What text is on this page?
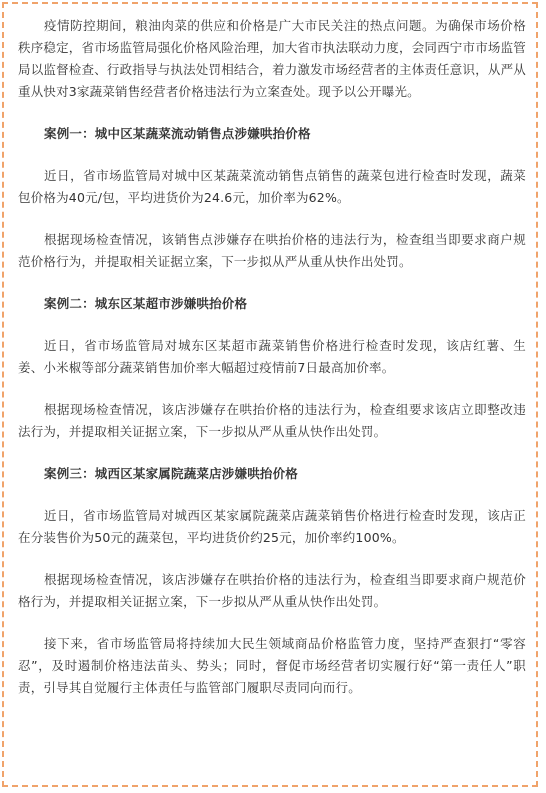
疫情防控期间，粮油肉菜的供应和价格是广大市民关注的热点问题。为确保市场价格秩序稳定，省市场监管局强化价格风险治理，加大省市执法联动力度，会同西宁市市场监管局以监督检查、行政指导与执法处罚相结合，着力激发市场经营者的主体责任意识，从严从重从快对3家蔬菜销售经营者价格违法行为立案查处。现予以公开曝光。

案例一：城中区某蔬菜流动销售点涉嫌哄抬价格

近日，省市场监管局对城中区某蔬菜流动销售点销售的蔬菜包进行检查时发现，蔬菜包价格为40元/包，平均进货价为24.6元，加价率为62%。

根据现场检查情况，该销售点涉嫌存在哄抬价格的违法行为，检查组当即要求商户规范价格行为，并提取相关证据立案，下一步拟从严从重从快作出处罚。

案例二：城东区某超市涉嫌哄抬价格

近日，省市场监管局对城东区某超市蔬菜销售价格进行检查时发现，该店红薯、生姜、小米椒等部分蔬菜销售加价率大幅超过疫情前7日最高加价率。

根据现场检查情况，该店涉嫌存在哄抬价格的违法行为，检查组要求该店立即整改违法行为，并提取相关证据立案，下一步拟从严从重从快作出处罚。

案例三：城西区某家属院蔬菜店涉嫌哄抬价格

近日，省市场监管局对城西区某家属院蔬菜店蔬菜销售价格进行检查时发现，该店正在分装售价为50元的蔬菜包，平均进货价约25元，加价率约100%。

根据现场检查情况，该店涉嫌存在哄抬价格的违法行为，检查组当即要求商户规范价格行为，并提取相关证据立案，下一步拟从严从重从快作出处罚。

接下来，省市场监管局将持续加大民生领域商品价格监管力度，坚持严查狠打“零容忍”，及时遏制价格违法苗头、势头；同时，督促市场经营者切实履行好“第一责任人”职责，引导其自觉履行主体责任与监管部门履职尽责同向而行。
